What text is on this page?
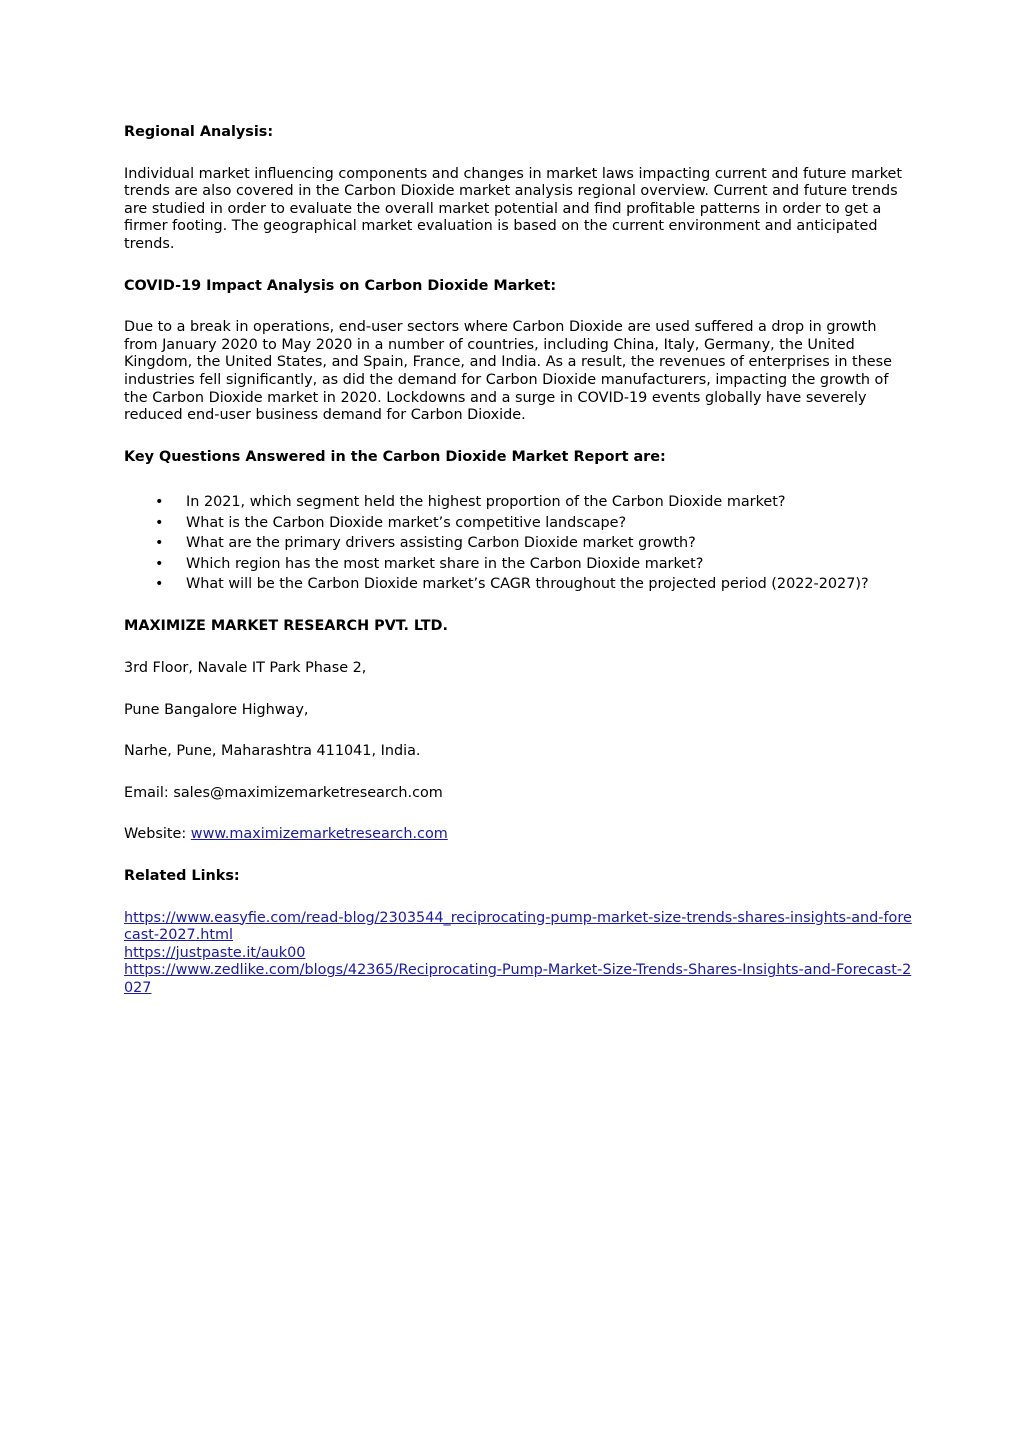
Regional Analysis:

Individual market influencing components and changes in market laws impacting current and future market trends are also covered in the Carbon Dioxide market analysis regional overview. Current and future trends are studied in order to evaluate the overall market potential and find profitable patterns in order to get a firmer footing. The geographical market evaluation is based on the current environment and anticipated trends.

COVID-19 Impact Analysis on Carbon Dioxide Market:

Due to a break in operations, end-user sectors where Carbon Dioxide are used suffered a drop in growth from January 2020 to May 2020 in a number of countries, including China, Italy, Germany, the United Kingdom, the United States, and Spain, France, and India. As a result, the revenues of enterprises in these industries fell significantly, as did the demand for Carbon Dioxide manufacturers, impacting the growth of the Carbon Dioxide market in 2020. Lockdowns and a surge in COVID-19 events globally have severely reduced end-user business demand for Carbon Dioxide.

Key Questions Answered in the Carbon Dioxide Market Report are:

• In 2021, which segment held the highest proportion of the Carbon Dioxide market?
• What is the Carbon Dioxide market’s competitive landscape?
• What are the primary drivers assisting Carbon Dioxide market growth?
• Which region has the most market share in the Carbon Dioxide market?
• What will be the Carbon Dioxide market’s CAGR throughout the projected period (2022-2027)?

MAXIMIZE MARKET RESEARCH PVT. LTD.

3rd Floor, Navale IT Park Phase 2,

Pune Bangalore Highway,

Narhe, Pune, Maharashtra 411041, India.

Email: sales@maximizemarketresearch.com

Website: www.maximizemarketresearch.com

Related Links:

https://www.easyfie.com/read-blog/2303544_reciprocating-pump-market-size-trends-shares-insights-and-forecast-2027.html
https://justpaste.it/auk00
https://www.zedlike.com/blogs/42365/Reciprocating-Pump-Market-Size-Trends-Shares-Insights-and-Forecast-2027
